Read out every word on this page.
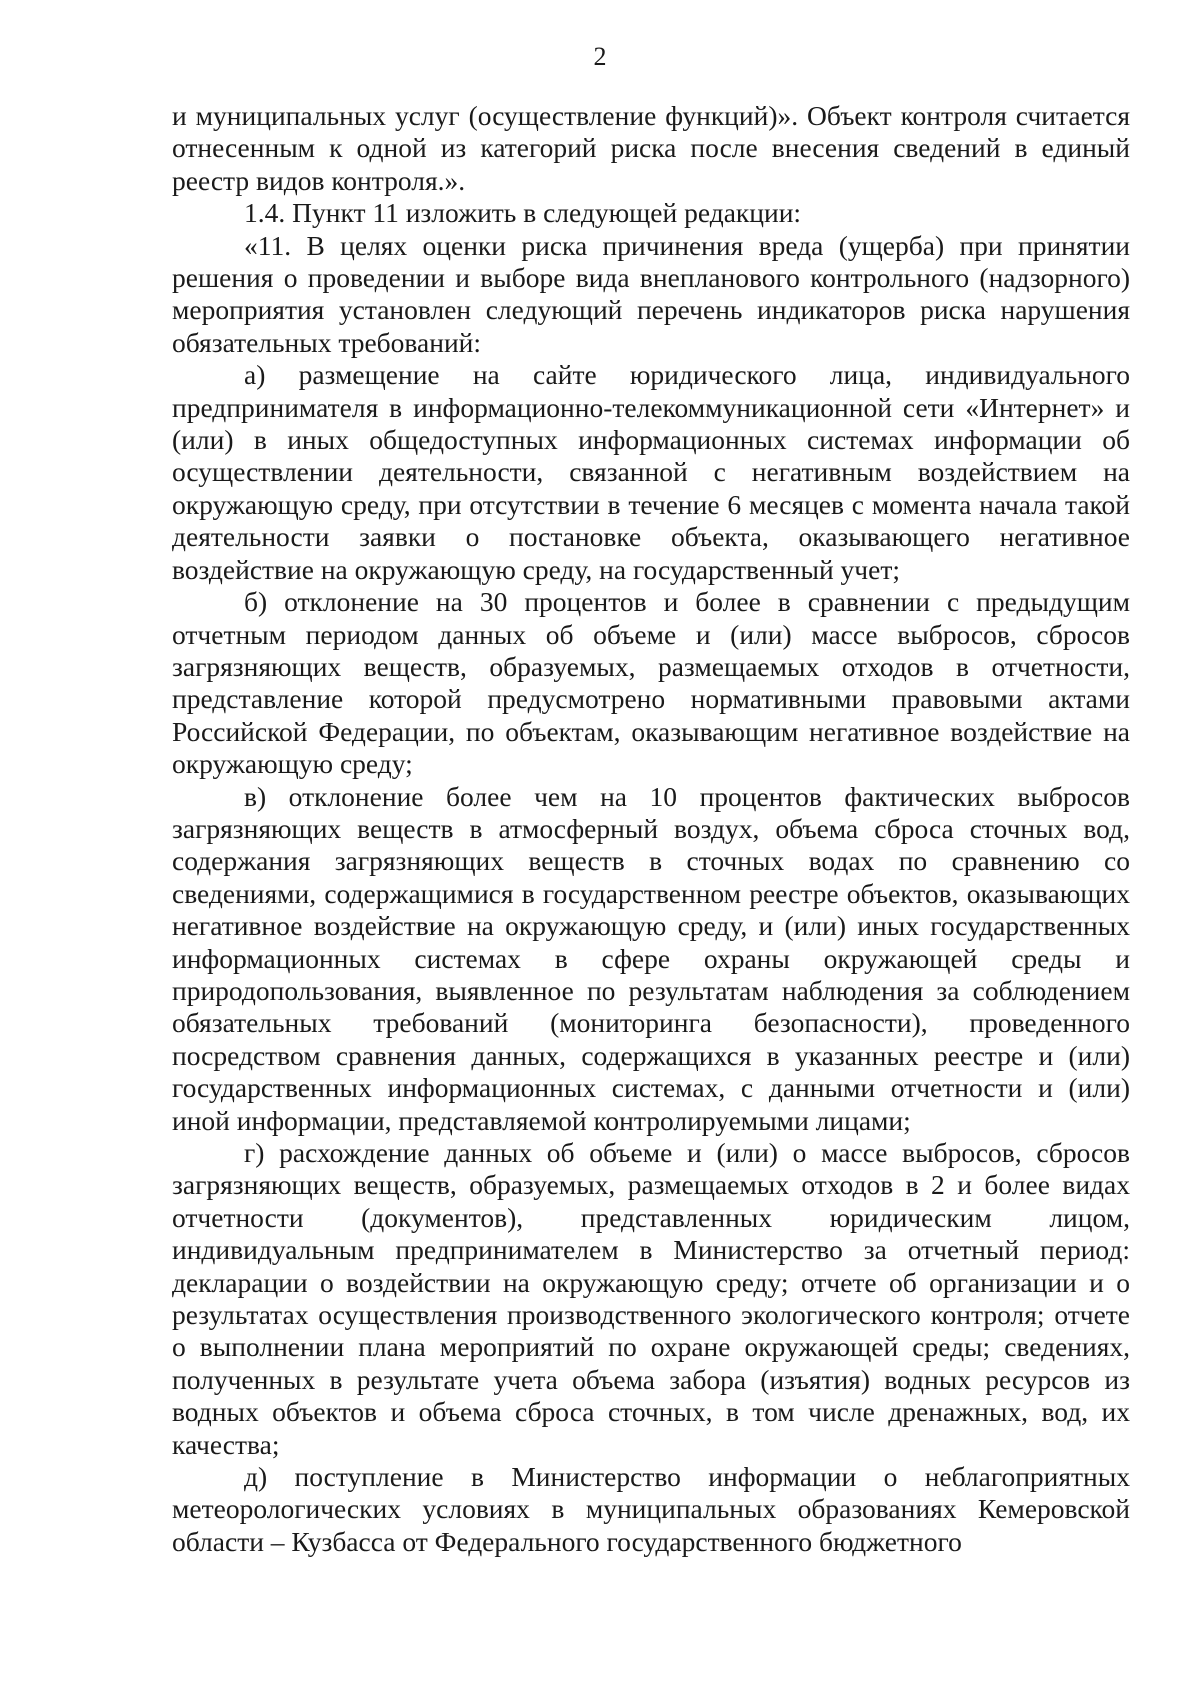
2

и муниципальных услуг (осуществление функций)». Объект контроля считается отнесенным к одной из категорий риска после внесения сведений в единый реестр видов контроля.».

1.4. Пункт 11 изложить в следующей редакции:

«11. В целях оценки риска причинения вреда (ущерба) при принятии решения о проведении и выборе вида внепланового контрольного (надзорного) мероприятия установлен следующий перечень индикаторов риска нарушения обязательных требований:

а) размещение на сайте юридического лица, индивидуального предпринимателя в информационно-телекоммуникационной сети «Интернет» и (или) в иных общедоступных информационных системах информации об осуществлении деятельности, связанной с негативным воздействием на окружающую среду, при отсутствии в течение 6 месяцев с момента начала такой деятельности заявки о постановке объекта, оказывающего негативное воздействие на окружающую среду, на государственный учет;

б) отклонение на 30 процентов и более в сравнении с предыдущим отчетным периодом данных об объеме и (или) массе выбросов, сбросов загрязняющих веществ, образуемых, размещаемых отходов в отчетности, представление которой предусмотрено нормативными правовыми актами Российской Федерации, по объектам, оказывающим негативное воздействие на окружающую среду;

в) отклонение более чем на 10 процентов фактических выбросов загрязняющих веществ в атмосферный воздух, объема сброса сточных вод, содержания загрязняющих веществ в сточных водах по сравнению со сведениями, содержащимися в государственном реестре объектов, оказывающих негативное воздействие на окружающую среду, и (или) иных государственных информационных системах в сфере охраны окружающей среды и природопользования, выявленное по результатам наблюдения за соблюдением обязательных требований (мониторинга безопасности), проведенного посредством сравнения данных, содержащихся в указанных реестре и (или) государственных информационных системах, с данными отчетности и (или) иной информации, представляемой контролируемыми лицами;

г) расхождение данных об объеме и (или) о массе выбросов, сбросов загрязняющих веществ, образуемых, размещаемых отходов в 2 и более видах отчетности (документов), представленных юридическим лицом, индивидуальным предпринимателем в Министерство за отчетный период: декларации о воздействии на окружающую среду; отчете об организации и о результатах осуществления производственного экологического контроля; отчете о выполнении плана мероприятий по охране окружающей среды; сведениях, полученных в результате учета объема забора (изъятия) водных ресурсов из водных объектов и объема сброса сточных, в том числе дренажных, вод, их качества;

д) поступление в Министерство информации о неблагоприятных метеорологических условиях в муниципальных образованиях Кемеровской области – Кузбасса от Федерального государственного бюджетного
